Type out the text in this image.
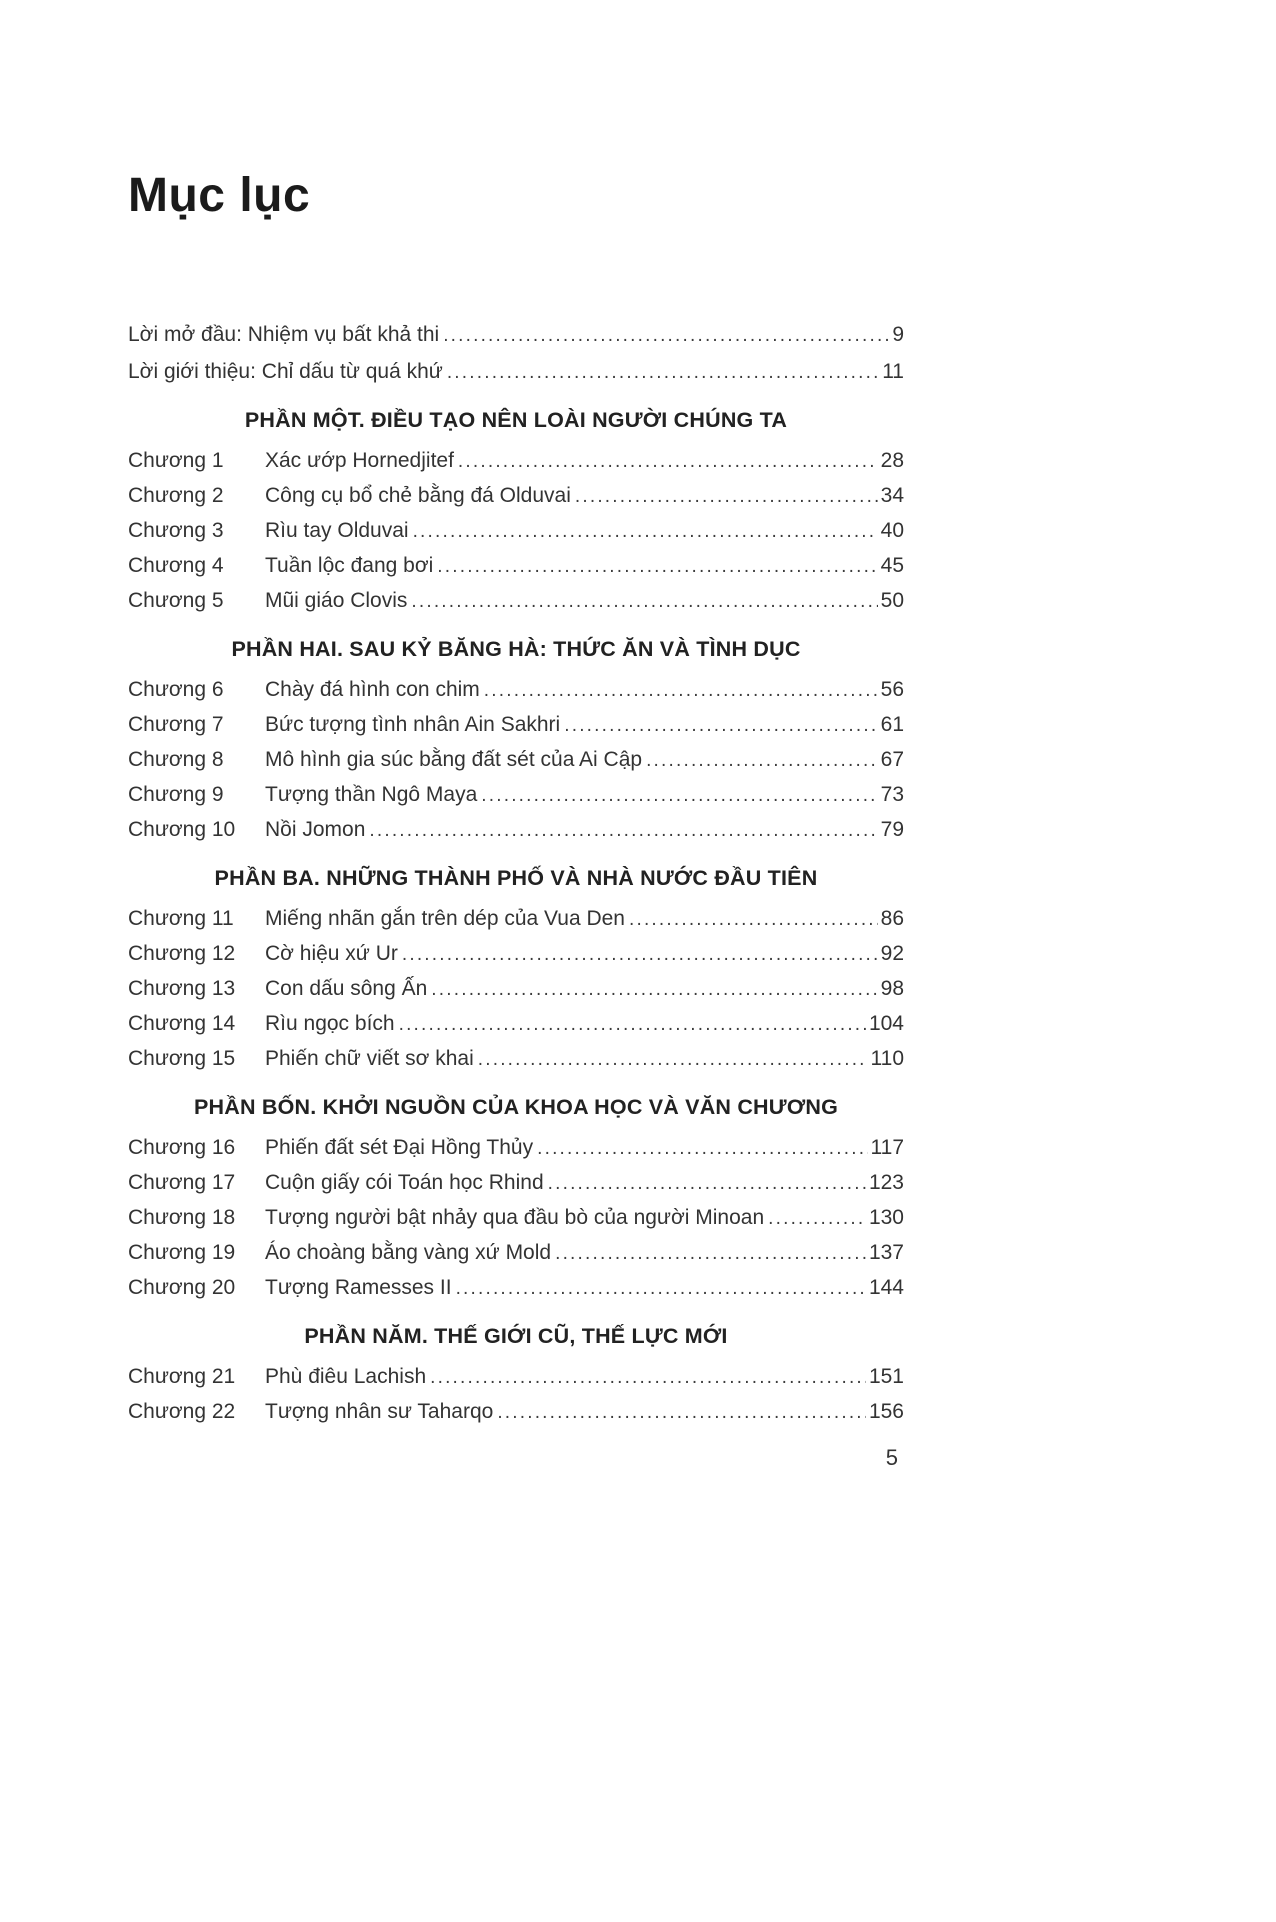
Mục lục
Lời mở đầu: Nhiệm vụ bất khả thi .....	9
Lời giới thiệu: Chỉ dấu từ quá khứ .....	11
PHẦN MỘT. ĐIỀU TẠO NÊN LOÀI NGƯỜI CHÚNG TA
Chương 1	Xác ướp Hornedjitef .....	28
Chương 2	Công cụ bổ chẻ bằng đá Olduvai .....	34
Chương 3	Rìu tay Olduvai .....	40
Chương 4	Tuần lộc đang bơi .....	45
Chương 5	Mũi giáo Clovis .....	50
PHẦN HAI. SAU KỶ BĂNG HÀ: THỨC ĂN VÀ TÌNH DỤC
Chương 6	Chày đá hình con chim .....	56
Chương 7	Bức tượng tình nhân Ain Sakhri .....	61
Chương 8	Mô hình gia súc bằng đất sét của Ai Cập .....	67
Chương 9	Tượng thần Ngô Maya .....	73
Chương 10	Nồi Jomon .....	79
PHẦN BA. NHỮNG THÀNH PHỐ VÀ NHÀ NƯỚC ĐẦU TIÊN
Chương 11	Miếng nhãn gắn trên dép của Vua Den .....	86
Chương 12	Cờ hiệu xứ Ur .....	92
Chương 13	Con dấu sông Ấn .....	98
Chương 14	Rìu ngọc bích .....	104
Chương 15	Phiến chữ viết sơ khai .....	110
PHẦN BỐN. KHỞI NGUỒN CỦA KHOA HỌC VÀ VĂN CHƯƠNG
Chương 16	Phiến đất sét Đại Hồng Thủy .....	117
Chương 17	Cuộn giấy cói Toán học Rhind .....	123
Chương 18	Tượng người bật nhảy qua đầu bò của người Minoan .....	130
Chương 19	Áo choàng bằng vàng xứ Mold .....	137
Chương 20	Tượng Ramesses II .....	144
PHẦN NĂM. THẾ GIỚI CŨ, THẾ LỰC MỚI
Chương 21	Phù điêu Lachish .....	151
Chương 22	Tượng nhân sư Taharqo .....	156
5
